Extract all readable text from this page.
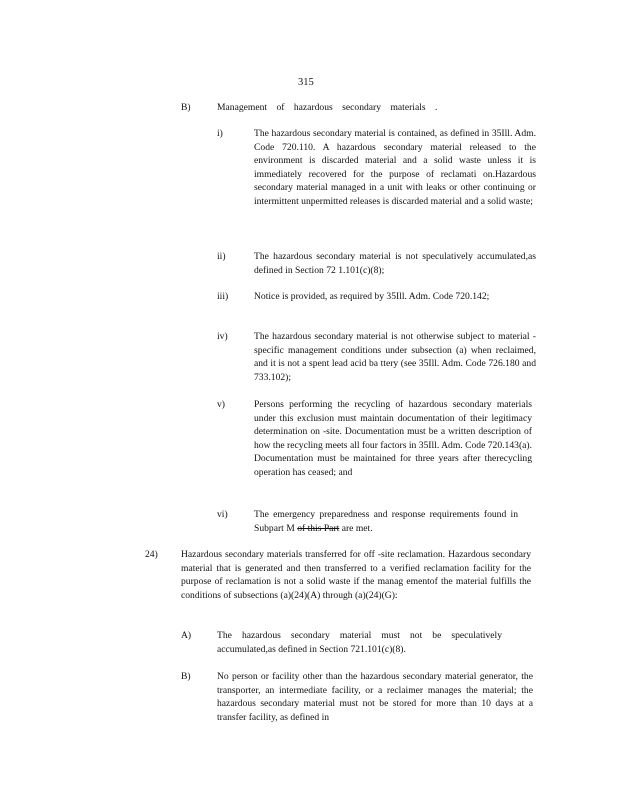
315
B)	Management of hazardous secondary materials .
i)	The hazardous secondary material is contained, as defined in 35Ill. Adm. Code 720.110. A hazardous secondary material released to the environment is discarded material and a solid waste unless it is immediately recovered for the purpose of reclamati on.Hazardous secondary material managed in a unit with leaks or other continuing or intermittent unpermitted releases is discarded material and a solid waste;
ii)	The hazardous secondary material is not speculatively accumulated,as defined in Section 72 1.101(c)(8);
iii)	Notice is provided, as required by 35Ill. Adm. Code 720.142;
iv)	The hazardous secondary material is not otherwise subject to material -specific management conditions under subsection (a) when reclaimed, and it is not a spent lead acid ba ttery (see 35Ill. Adm. Code 726.180 and 733.102);
v)	Persons performing the recycling of hazardous secondary materials under this exclusion must maintain documentation of their legitimacy determination on -site. Documentation must be a written description of how the recycling meets all four factors in 35Ill. Adm. Code 720.143(a). Documentation must be maintained for three years after therecycling operation has ceased; and
vi)	The emergency preparedness and response requirements found in Subpart M of this Part are met.
24) Hazardous secondary materials transferred for off -site reclamation. Hazardous secondary material that is generated and then transferred to a verified reclamation facility for the purpose of reclamation is not a solid waste if the manag ementof the material fulfills the conditions of subsections (a)(24)(A) through (a)(24)(G):
A)	The hazardous secondary material must not be speculatively accumulated,as defined in Section 721.101(c)(8).
B)	No person or facility other than the hazardous secondary material generator, the transporter, an intermediate facility, or a reclaimer manages the material; the hazardous secondary material must not be stored for more than 10 days at a transfer facility, as defined in
